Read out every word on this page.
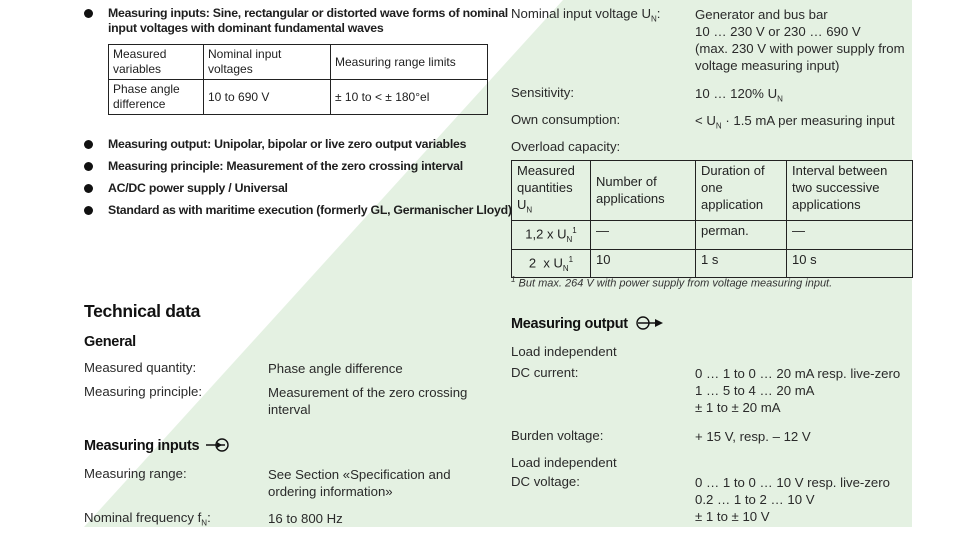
Measuring inputs: Sine, rectangular or distorted wave forms of nominal
input voltages with dominant fundamental waves
Measured variables	Nominal input voltages	Measuring range limits
Phase angle difference	10 to 690 V	± 10 to < ± 180°el
Measuring output: Unipolar, bipolar or live zero output variables
Measuring principle: Measurement of the zero crossing interval
AC/DC power supply / Universal
Standard as with maritime execution (formerly GL, Germanischer Lloyd)
Technical data
General
Measured quantity:	Phase angle difference
Measuring principle:	Measurement of the zero crossing interval
Measuring inputs
Measuring range:	See Section «Specification and ordering information»
Nominal frequency $f_N$:	16 to 800 Hz
Nominal input voltage $U_N$:	Generator and bus bar
10 … 230 V or 230 … 690 V
(max. 230 V with power supply from
voltage measuring input)
Sensitivity:	10 … 120% $U_N$
Own consumption:	< $U_N \cdot 1.5$ mA per measuring input
Overload capacity:
Measured quantities $U_N$	Number of applications	Duration of one application	Interval between two successive applications
1,2 x $U_N^1$	—	perman.	—
2  x $U_N^1$	10	1 s	10 s
$^1$ But max. 264 V with power supply from voltage measuring input.
Measuring output
Load independent
DC current:	0 … 1 to 0 … 20 mA resp. live-zero
1 … 5 to 4 … 20 mA
± 1 to ± 20 mA
Burden voltage:	+ 15 V, resp. – 12 V
Load independent
DC voltage:	0 … 1 to 0 … 10 V resp. live-zero
0.2 … 1 to 2 … 10 V
± 1 to ± 10 V
